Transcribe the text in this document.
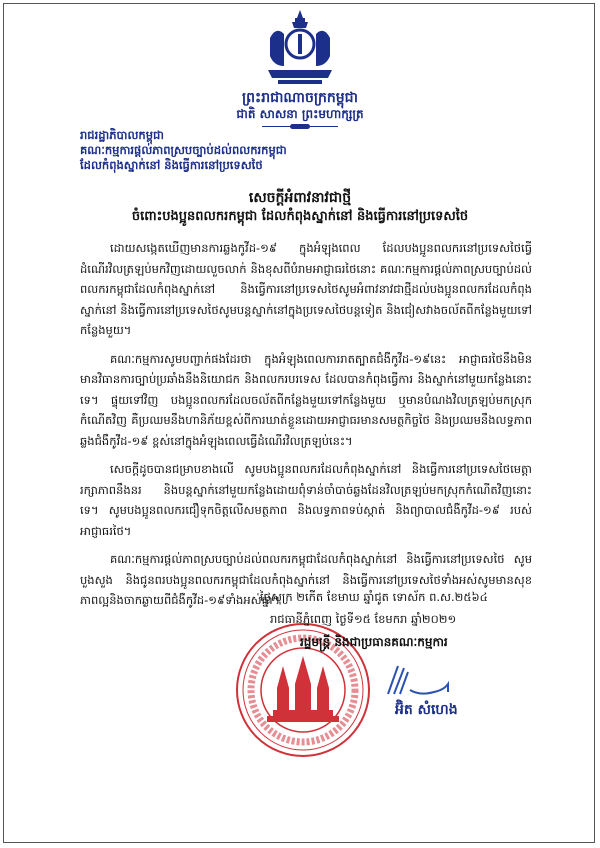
ព្រះរាជាណាចក្រកម្ពុជា
ជាតិ សាសនា ព្រះមហាក្សត្រ
រាជរដ្ឋាភិបាលកម្ពុជា
គណៈកម្មការផ្តល់ភាពស្របច្បាប់ដល់ពលករកម្ពុជា
ដែលកំពុងស្នាក់នៅ និងធ្វើការនៅប្រទេសថៃ
សេចក្តីអំពាវនាវជាថ្មី
ចំពោះបងប្អូនពលករកម្ពុជា ដែលកំពុងស្នាក់នៅ និងធ្វើការនៅប្រទេសថៃ

ដោយសង្កេតឃើញមានការឆ្លងកូវីដ-១៩ ក្នុងអំឡុងពេល ដែលបងប្អូនពលករនៅប្រទេសថៃធ្វើដំណើរវិលត្រឡប់មកវិញដោយលួចលាក់ និងខុសពីបំរាមអាជ្ញាធរថៃនោះ គណៈកម្មការផ្តល់ភាពស្របច្បាប់ដល់ពលករកម្ពុជាដែលកំពុងស្នាក់នៅ និងធ្វើការនៅប្រទេសថៃសូមអំពាវនាវជាថ្មីដល់បងប្អូនពលករដែលកំពុងស្នាក់នៅ និងធ្វើការនៅប្រទេសថៃសូមបន្តស្នាក់នៅក្នុងប្រទេសថៃបន្តទៀត និងជៀសវាងចល័តពីកន្លែងមួយទៅកន្លែងមួយ។

គណៈកម្មការសូមបញ្ជាក់ផងដែរថា ក្នុងអំឡុងពេលការរាតត្បាតជំងឺកូវីដ-១៩នេះ អាជ្ញាធរថៃនឹងមិនមានវិធានការច្បាប់ប្រឆាំងនឹងនិយោជក និងពលករបរទេស ដែលបានកំពុងធ្វើការ និងស្នាក់នៅមួយកន្លែងនោះទេ។ ផ្ទុយទៅវិញ បងប្អូនពលករដែលចល័តពីកន្លែងមួយទៅកន្លែងមួយ ឬមានបំណងវិលត្រឡប់មកស្រុកកំណើតវិញ គឺប្រឈមនឹងហានិភ័យខ្ពស់ពីការឃាត់ខ្លួនដោយអាជ្ញាធរមានសមត្ថកិច្ចថៃ និងប្រឈមនឹងលទ្ធភាពឆ្លងជំងឺកូវីដ-១៩ ខ្ពស់នៅក្នុងអំឡុងពេលធ្វើដំណើរវិលត្រឡប់នេះ។

សេចក្តីដូចបានជម្រាបខាងលើ សូមបងប្អូនពលករដែលកំពុងស្នាក់នៅ និងធ្វើការនៅប្រទេសថៃមេត្តារក្សាភាពនឹងនរ និងបន្តស្នាក់នៅមួយកន្លែងដោយពុំទាន់ចាំបាច់ឆ្លងដែនវិលត្រឡប់មកស្រុកកំណើតវិញនោះទេ។ សូមបងប្អូនពលករជឿទុកចិត្តលើសមត្ថភាព និងលទ្ធភាពទប់ស្កាត់ និងព្យាបាលជំងឺកូវីដ-១៩ របស់អាជ្ញាធរថៃ។

គណៈកម្មការផ្តល់ភាពស្របច្បាប់ដល់ពលករកម្ពុជាដែលកំពុងស្នាក់នៅ និងធ្វើការនៅប្រទេសថៃ សូមបួងសួង និងជូនពរបងប្អូនពលករកម្ពុជាដែលកំពុងស្នាក់នៅ និងធ្វើការនៅប្រទេសថៃទាំងអស់សូមមានសុខភាពល្អនិងចាកឆ្ងាយពីជំងឺកូវីដ-១៩ទាំងអស់គ្នា។

ថ្ងៃសុក្រ ២កើត ខែមាឃ ឆ្នាំជូត ទោស័ក ព.ស.២៥៦៤
រាជធានីភ្នំពេញ ថ្ងៃទី១៥ ខែមករា ឆ្នាំ២០២១
រដ្ឋមន្ត្រី និងជាប្រធានគណៈកម្មការ
អ៊ិត សំហេង
